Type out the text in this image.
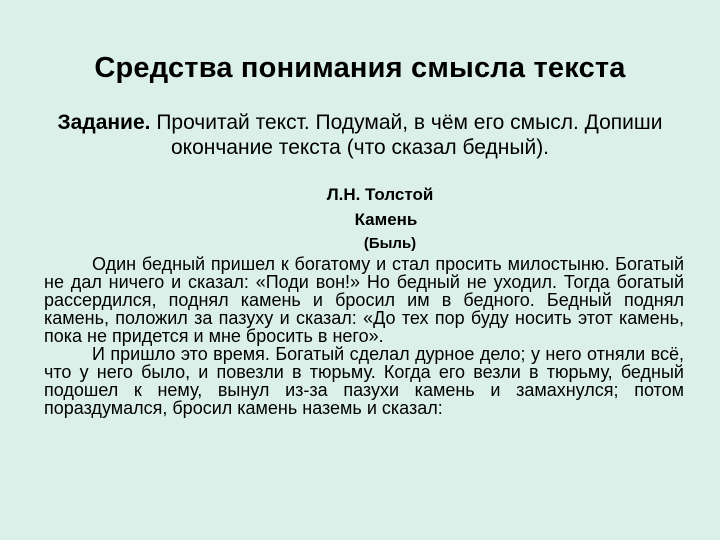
Средства понимания смысла текста
Задание. Прочитай текст. Подумай, в чём его смысл. Допиши окончание текста (что сказал бедный).
Л.Н. Толстой
Камень
(Быль)

Один бедный пришел к богатому и стал просить милостыню. Богатый не дал ничего и сказал: «Поди вон!» Но бедный не уходил. Тогда богатый рассердился, поднял камень и бросил им в бедного. Бедный поднял камень, положил за пазуху и сказал: «До тех пор буду носить этот камень, пока не придется и мне бросить в него».

И пришло это время. Богатый сделал дурное дело; у него отняли всё, что у него было, и повезли в тюрьму. Когда его везли в тюрьму, бедный подошел к нему, вынул из-за пазухи камень и замахнулся; потом пораздумался, бросил камень наземь и сказал:
